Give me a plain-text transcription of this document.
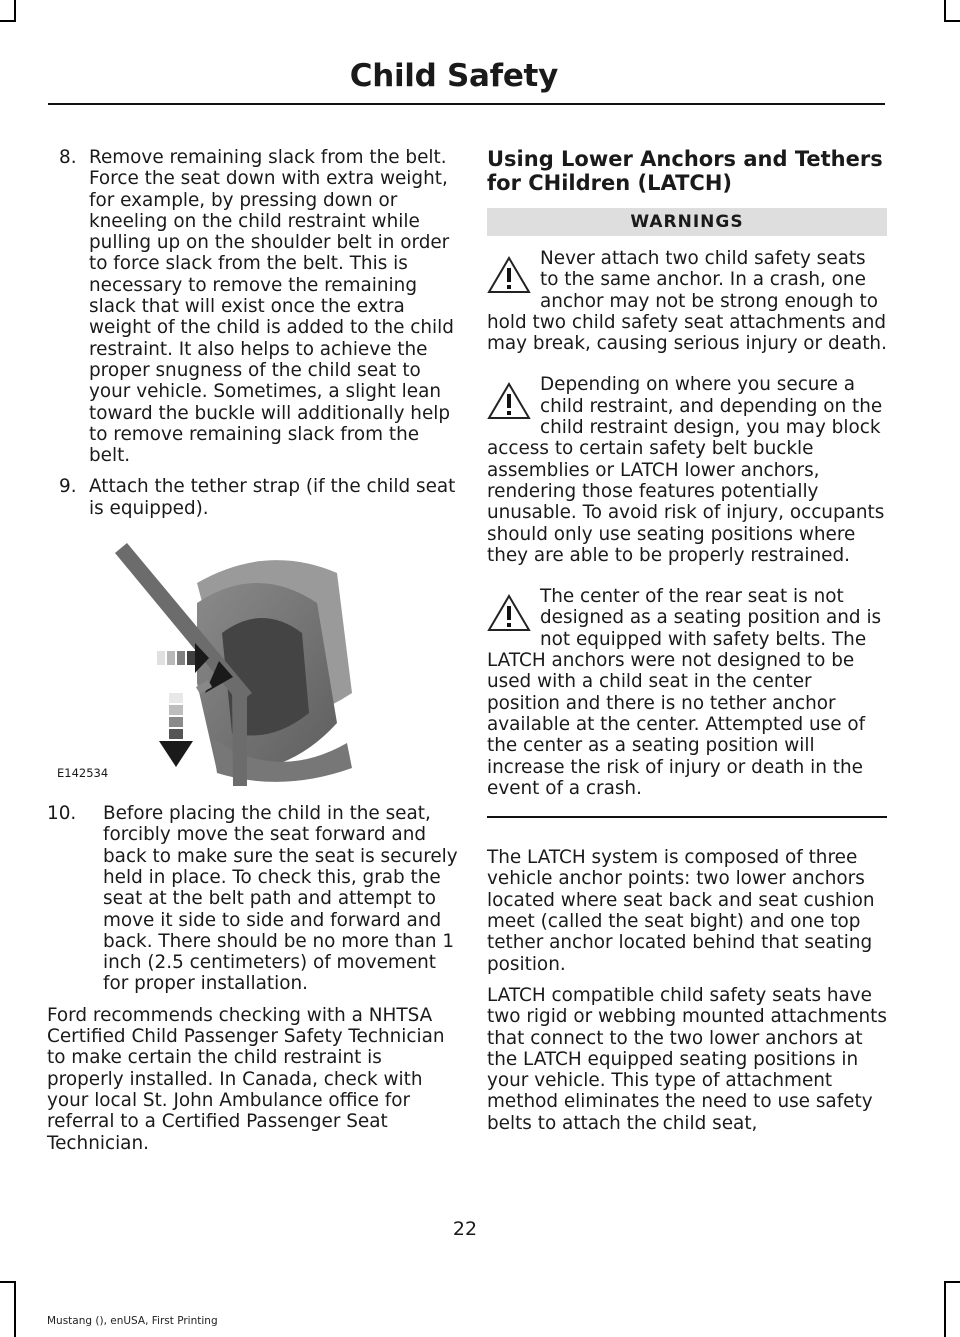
Child Safety
8. Remove remaining slack from the belt. Force the seat down with extra weight, for example, by pressing down or kneeling on the child restraint while pulling up on the shoulder belt in order to force slack from the belt. This is necessary to remove the remaining slack that will exist once the extra weight of the child is added to the child restraint. It also helps to achieve the proper snugness of the child seat to your vehicle. Sometimes, a slight lean toward the buckle will additionally help to remove remaining slack from the belt.

9. Attach the tether strap (if the child seat is equipped).

E142534
10. Before placing the child in the seat, forcibly move the seat forward and back to make sure the seat is securely held in place. To check this, grab the seat at the belt path and attempt to move it side to side and forward and back. There should be no more than 1 inch (2.5 centimeters) of movement for proper installation.

Ford recommends checking with a NHTSA Certified Child Passenger Safety Technician to make certain the child restraint is properly installed. In Canada, check with your local St. John Ambulance office for referral to a Certified Passenger Seat Technician.

Using Lower Anchors and Tethers for CHildren (LATCH)
WARNINGS

Never attach two child safety seats to the same anchor. In a crash, one anchor may not be strong enough to

hold two child safety seat attachments and may break, causing serious injury or death.

Depending on where you secure a child restraint, and depending on the child restraint design, you may block

access to certain safety belt buckle assemblies or LATCH lower anchors, rendering those features potentially unusable. To avoid risk of injury, occupants should only use seating positions where they are able to be properly restrained.

The center of the rear seat is not designed as a seating position and is not equipped with safety belts. The

LATCH anchors were not designed to be used with a child seat in the center position and there is no tether anchor available at the center. Attempted use of the center as a seating position will increase the risk of injury or death in the event of a crash.

The LATCH system is composed of three vehicle anchor points: two lower anchors located where seat back and seat cushion meet (called the seat bight) and one top tether anchor located behind that seating position.

LATCH compatible child safety seats have two rigid or webbing mounted attachments that connect to the two lower anchors at the LATCH equipped seating positions in your vehicle. This type of attachment method eliminates the need to use safety belts to attach the child seat,

22
Mustang (), enUSA, First Printing
